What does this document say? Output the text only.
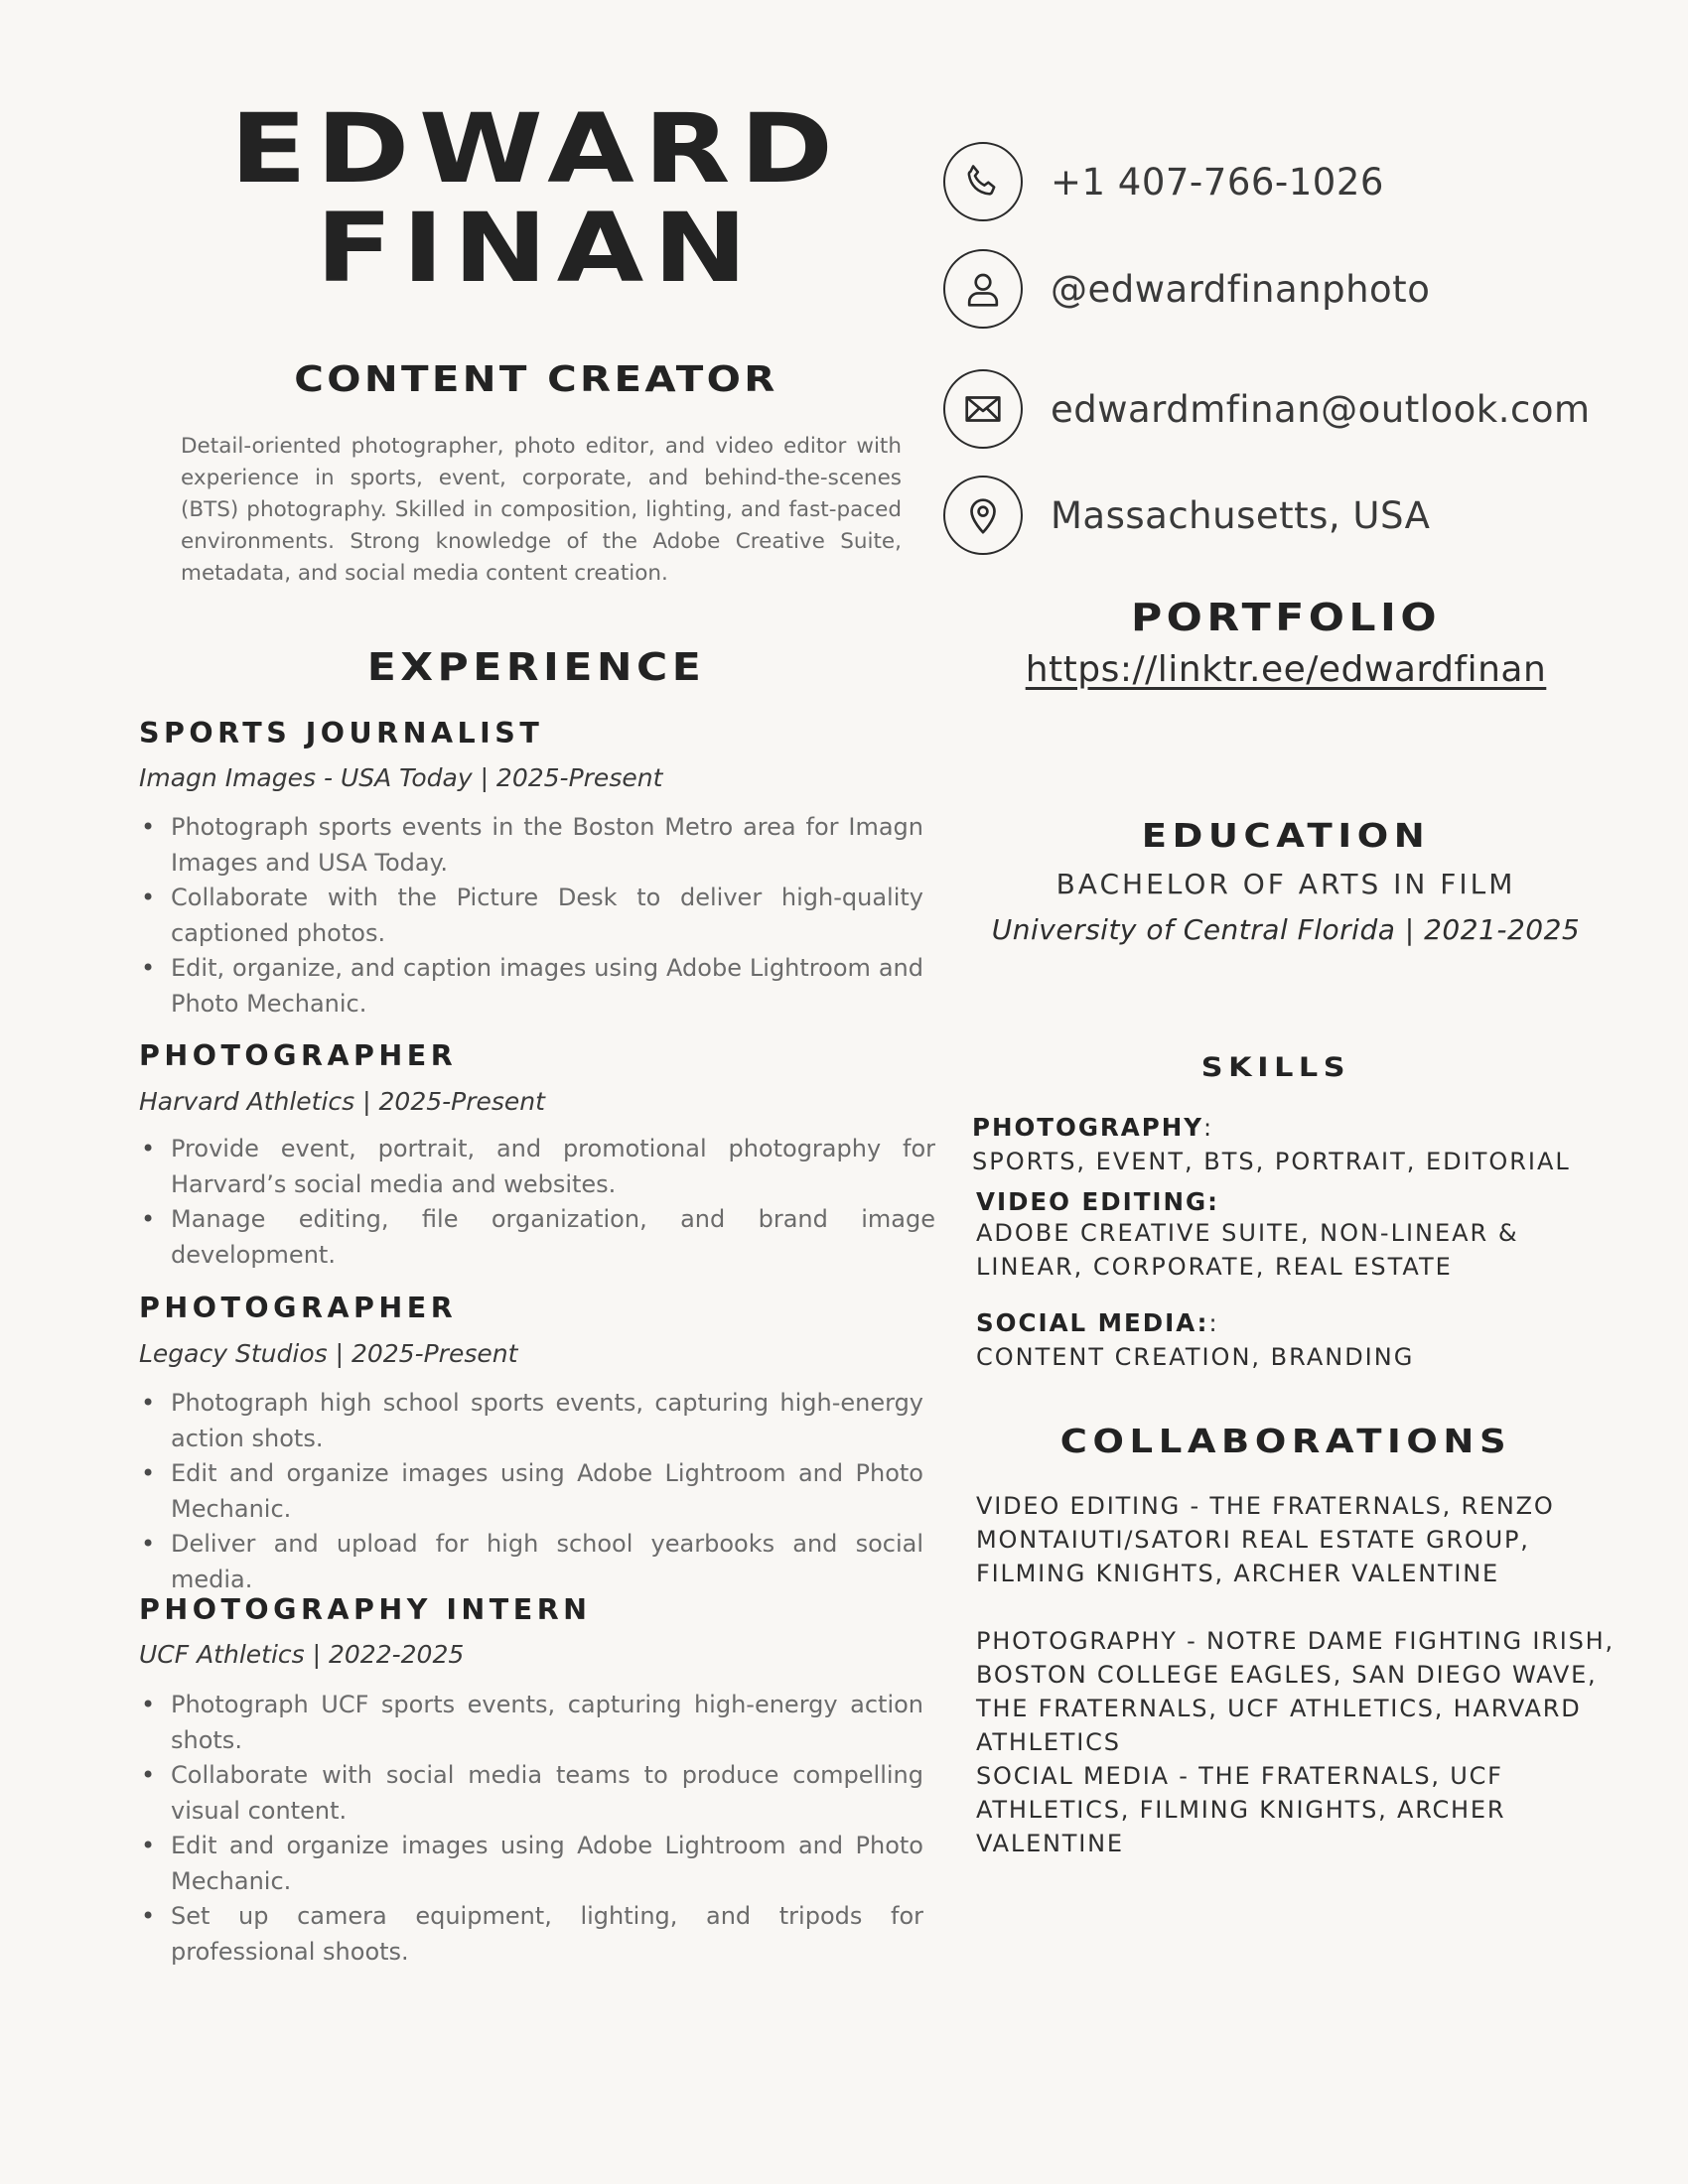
EDWARD
FINAN
CONTENT CREATOR
Detail-oriented photographer, photo editor, and video editor with experience in sports, event, corporate, and behind-the-scenes (BTS) photography. Skilled in composition, lighting, and fast-paced environments. Strong knowledge of the Adobe Creative Suite, metadata, and social media content creation.
EXPERIENCE
SPORTS JOURNALIST
Imagn Images - USA Today | 2025-Present
• Photograph sports events in the Boston Metro area for Imagn Images and USA Today.
• Collaborate with the Picture Desk to deliver high-quality captioned photos.
• Edit, organize, and caption images using Adobe Lightroom and Photo Mechanic.
PHOTOGRAPHER
Harvard Athletics | 2025-Present
• Provide event, portrait, and promotional photography for Harvard’s social media and websites.
• Manage editing, file organization, and brand image development.
PHOTOGRAPHER
Legacy Studios | 2025-Present
• Photograph high school sports events, capturing high-energy action shots.
• Edit and organize images using Adobe Lightroom and Photo Mechanic.
• Deliver and upload for high school yearbooks and social media.
PHOTOGRAPHY INTERN
UCF Athletics | 2022-2025
• Photograph UCF sports events, capturing high-energy action shots.
• Collaborate with social media teams to produce compelling visual content.
• Edit and organize images using Adobe Lightroom and Photo Mechanic.
• Set up camera equipment, lighting, and tripods for professional shoots.
+1 407-766-1026
@edwardfinanphoto
edwardmfinan@outlook.com
Massachusetts, USA
PORTFOLIO
https://linktr.ee/edwardfinan
EDUCATION
BACHELOR OF ARTS IN FILM
University of Central Florida | 2021-2025
SKILLS
PHOTOGRAPHY:
SPORTS, EVENT, BTS, PORTRAIT, EDITORIAL
VIDEO EDITING:
ADOBE CREATIVE SUITE, NON-LINEAR & LINEAR, CORPORATE, REAL ESTATE
SOCIAL MEDIA::
CONTENT CREATION, BRANDING
COLLABORATIONS
VIDEO EDITING - THE FRATERNALS, RENZO MONTAIUTI/SATORI REAL ESTATE GROUP, FILMING KNIGHTS, ARCHER VALENTINE
PHOTOGRAPHY - NOTRE DAME FIGHTING IRISH, BOSTON COLLEGE EAGLES, SAN DIEGO WAVE, THE FRATERNALS, UCF ATHLETICS, HARVARD ATHLETICS
SOCIAL MEDIA - THE FRATERNALS, UCF ATHLETICS, FILMING KNIGHTS, ARCHER VALENTINE
